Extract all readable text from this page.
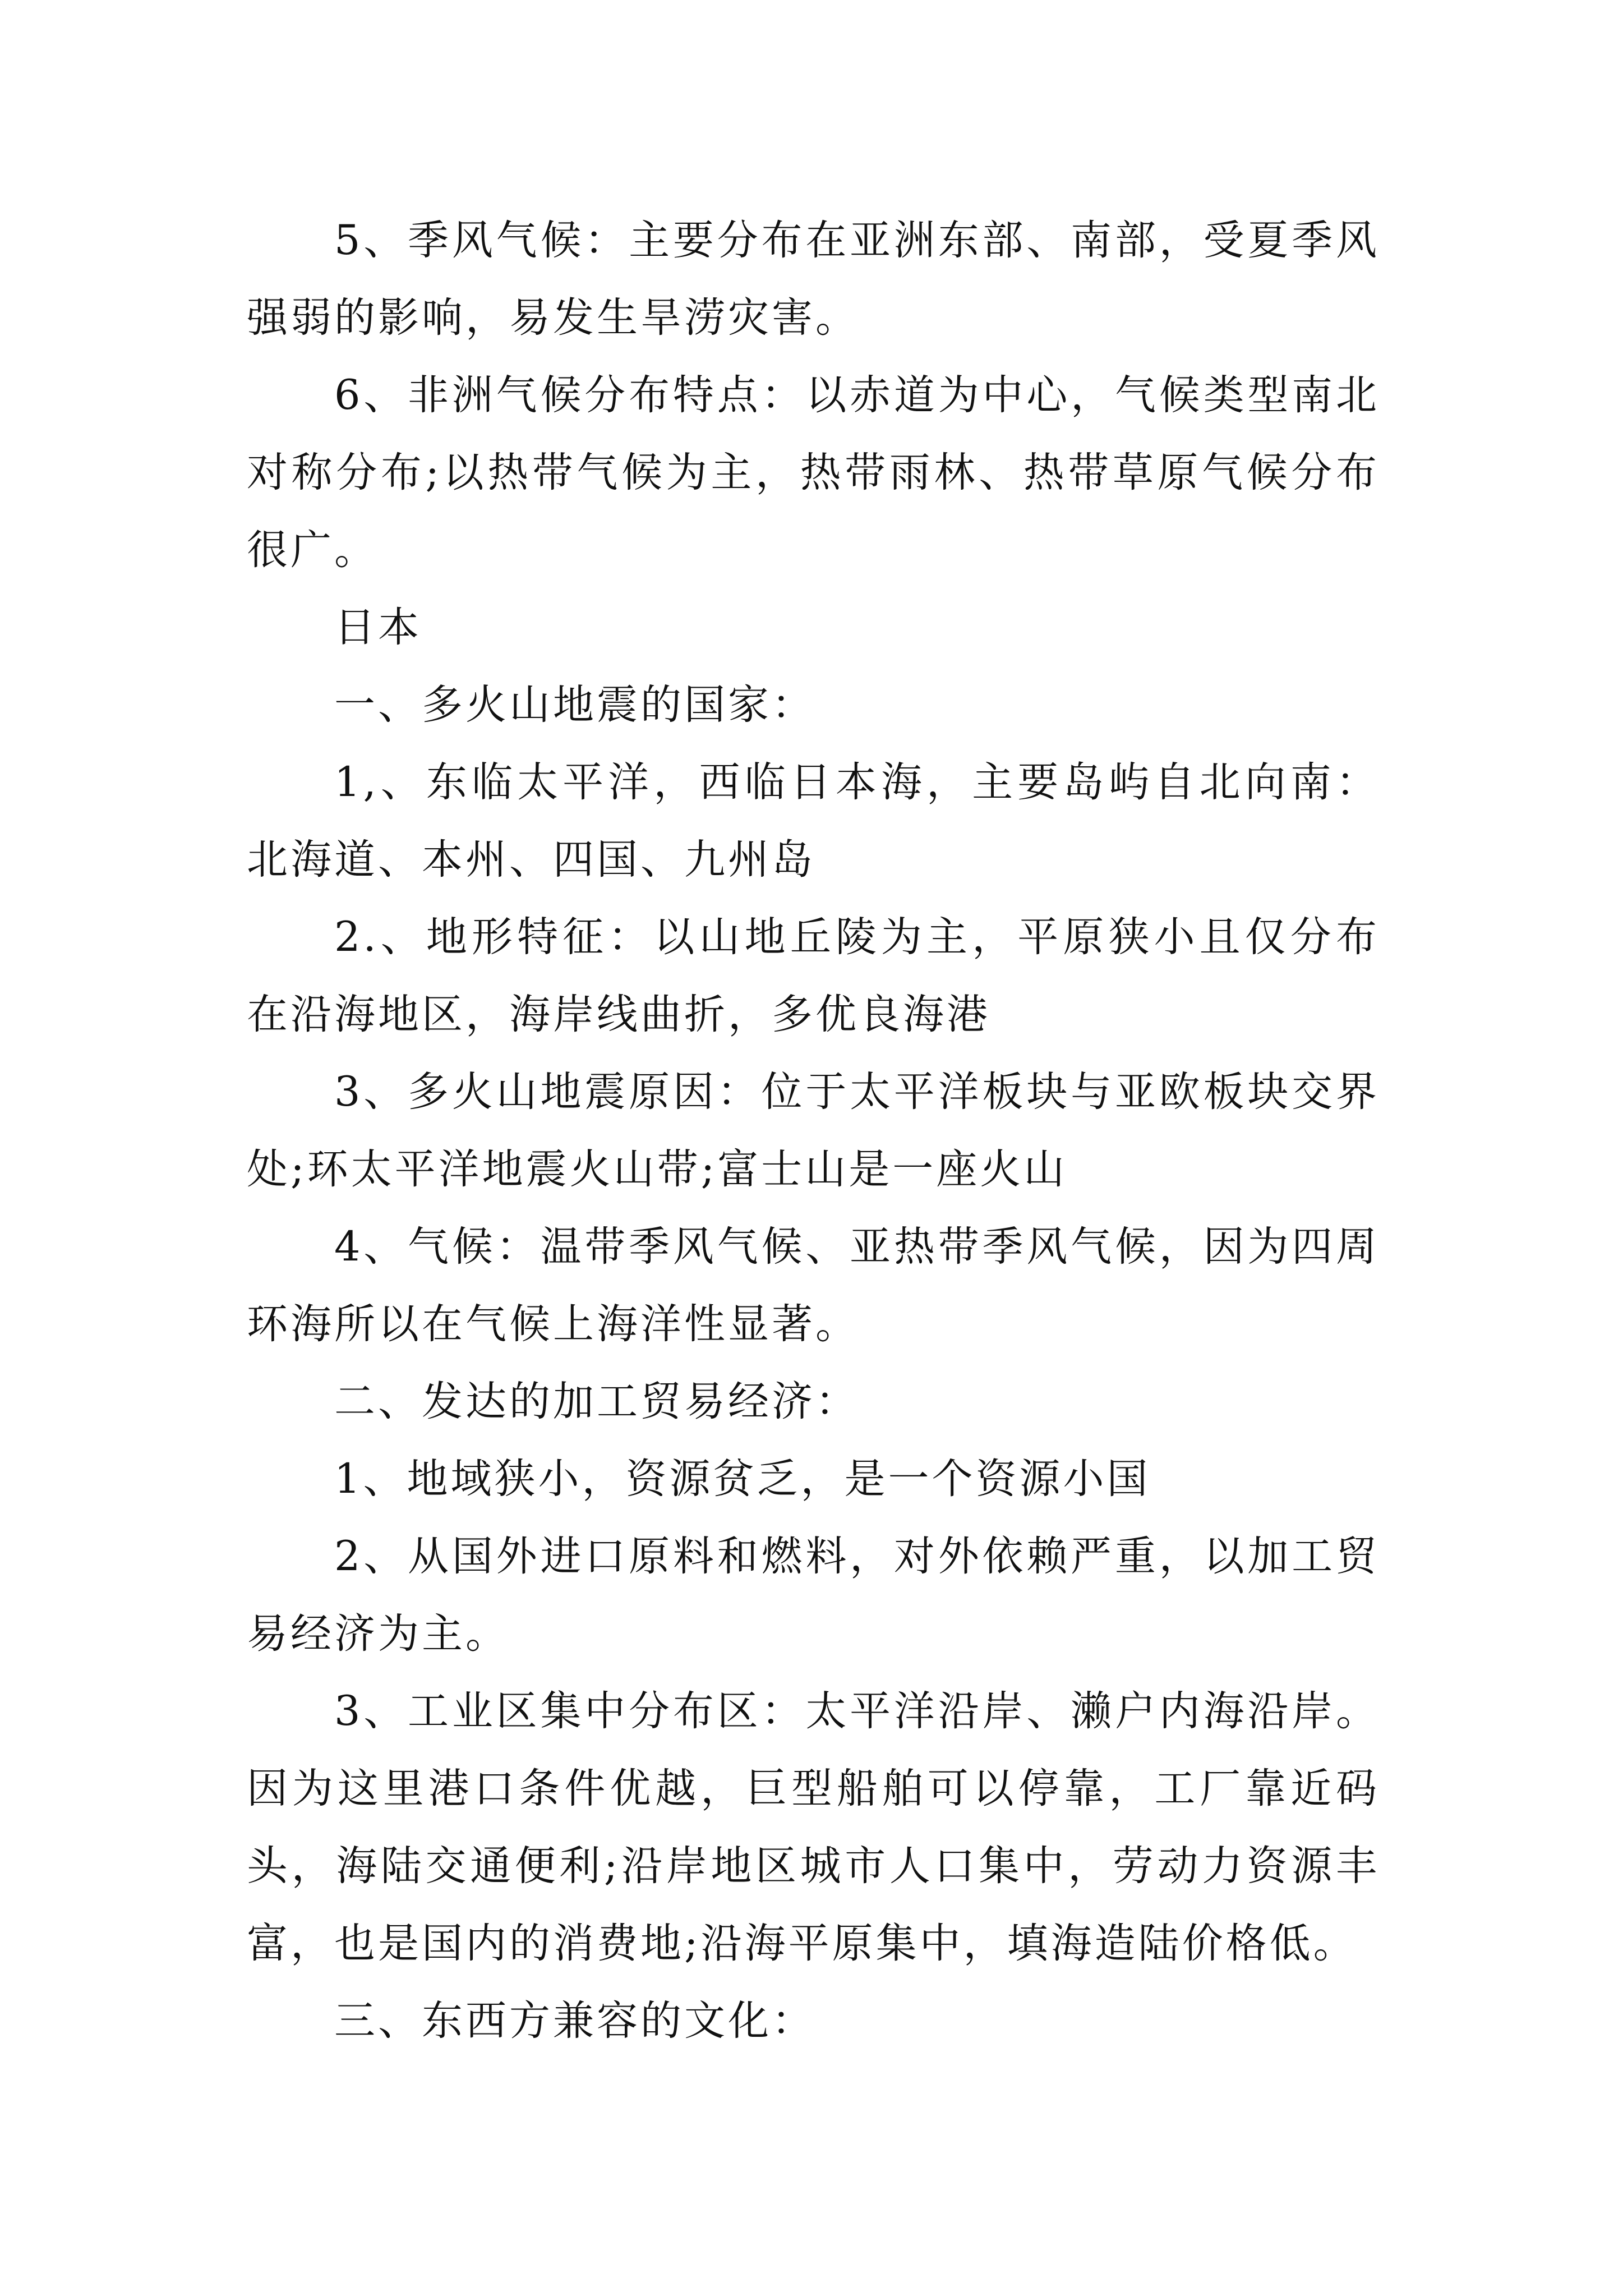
5、季风气候：主要分布在亚洲东部、南部，受夏季风强弱的影响，易发生旱涝灾害。

6、非洲气候分布特点：以赤道为中心，气候类型南北对称分布;以热带气候为主，热带雨林、热带草原气候分布很广。

日本

一、多火山地震的国家：

1,、东临太平洋，西临日本海，主要岛屿自北向南：北海道、本州、四国、九州岛

2.、地形特征：以山地丘陵为主，平原狭小且仅分布在沿海地区，海岸线曲折，多优良海港

3、多火山地震原因：位于太平洋板块与亚欧板块交界处;环太平洋地震火山带;富士山是一座火山

4、气候：温带季风气候、亚热带季风气候，因为四周环海所以在气候上海洋性显著。

二、发达的加工贸易经济：

1、地域狭小，资源贫乏，是一个资源小国

2、从国外进口原料和燃料，对外依赖严重，以加工贸易经济为主。

3、工业区集中分布区：太平洋沿岸、濑户内海沿岸。因为这里港口条件优越，巨型船舶可以停靠，工厂靠近码头，海陆交通便利;沿岸地区城市人口集中，劳动力资源丰富，也是国内的消费地;沿海平原集中，填海造陆价格低。

三、东西方兼容的文化：
